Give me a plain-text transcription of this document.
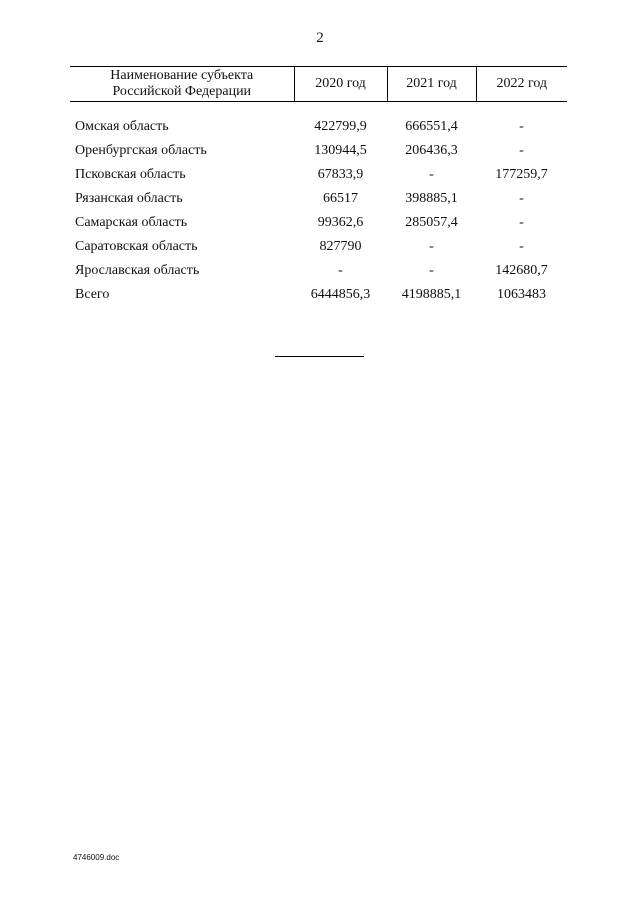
2
Наименование субъекта
Российской Федерации	2020 год	2021 год	2022 год

Омская область	422799,9	666551,4	-
Оренбургская область	130944,5	206436,3	-
Псковская область	67833,9	-	177259,7
Рязанская область	66517	398885,1	-
Самарская область	99362,6	285057,4	-
Саратовская область	827790	-	-
Ярославская область	-	-	142680,7
Всего	6444856,3	4198885,1	1063483
4746009.doc
